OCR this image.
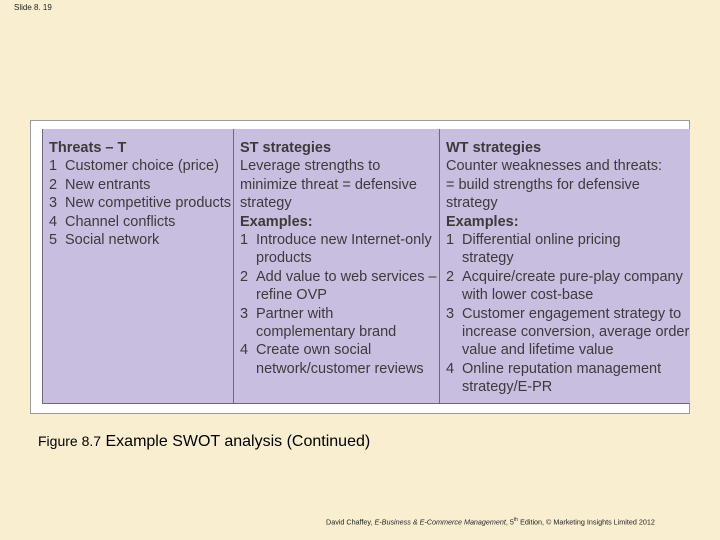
Slide 8. 19
Threats – T
1 Customer choice (price)
2 New entrants
3 New competitive products
4 Channel conflicts
5 Social network
ST strategies
Leverage strengths to minimize threat = defensive strategy
Examples:
1 Introduce new Internet-only products
2 Add value to web services – refine OVP
3 Partner with complementary brand
4 Create own social network/customer reviews
WT strategies
Counter weaknesses and threats: = build strengths for defensive strategy
Examples:
1 Differential online pricing strategy
2 Acquire/create pure-play company with lower cost-base
3 Customer engagement strategy to increase conversion, average order value and lifetime value
4 Online reputation management strategy/E-PR
Figure 8.7 Example SWOT analysis (Continued)
David Chaffey, E-Business & E-Commerce Management, 5th Edition, © Marketing Insights Limited 2012
